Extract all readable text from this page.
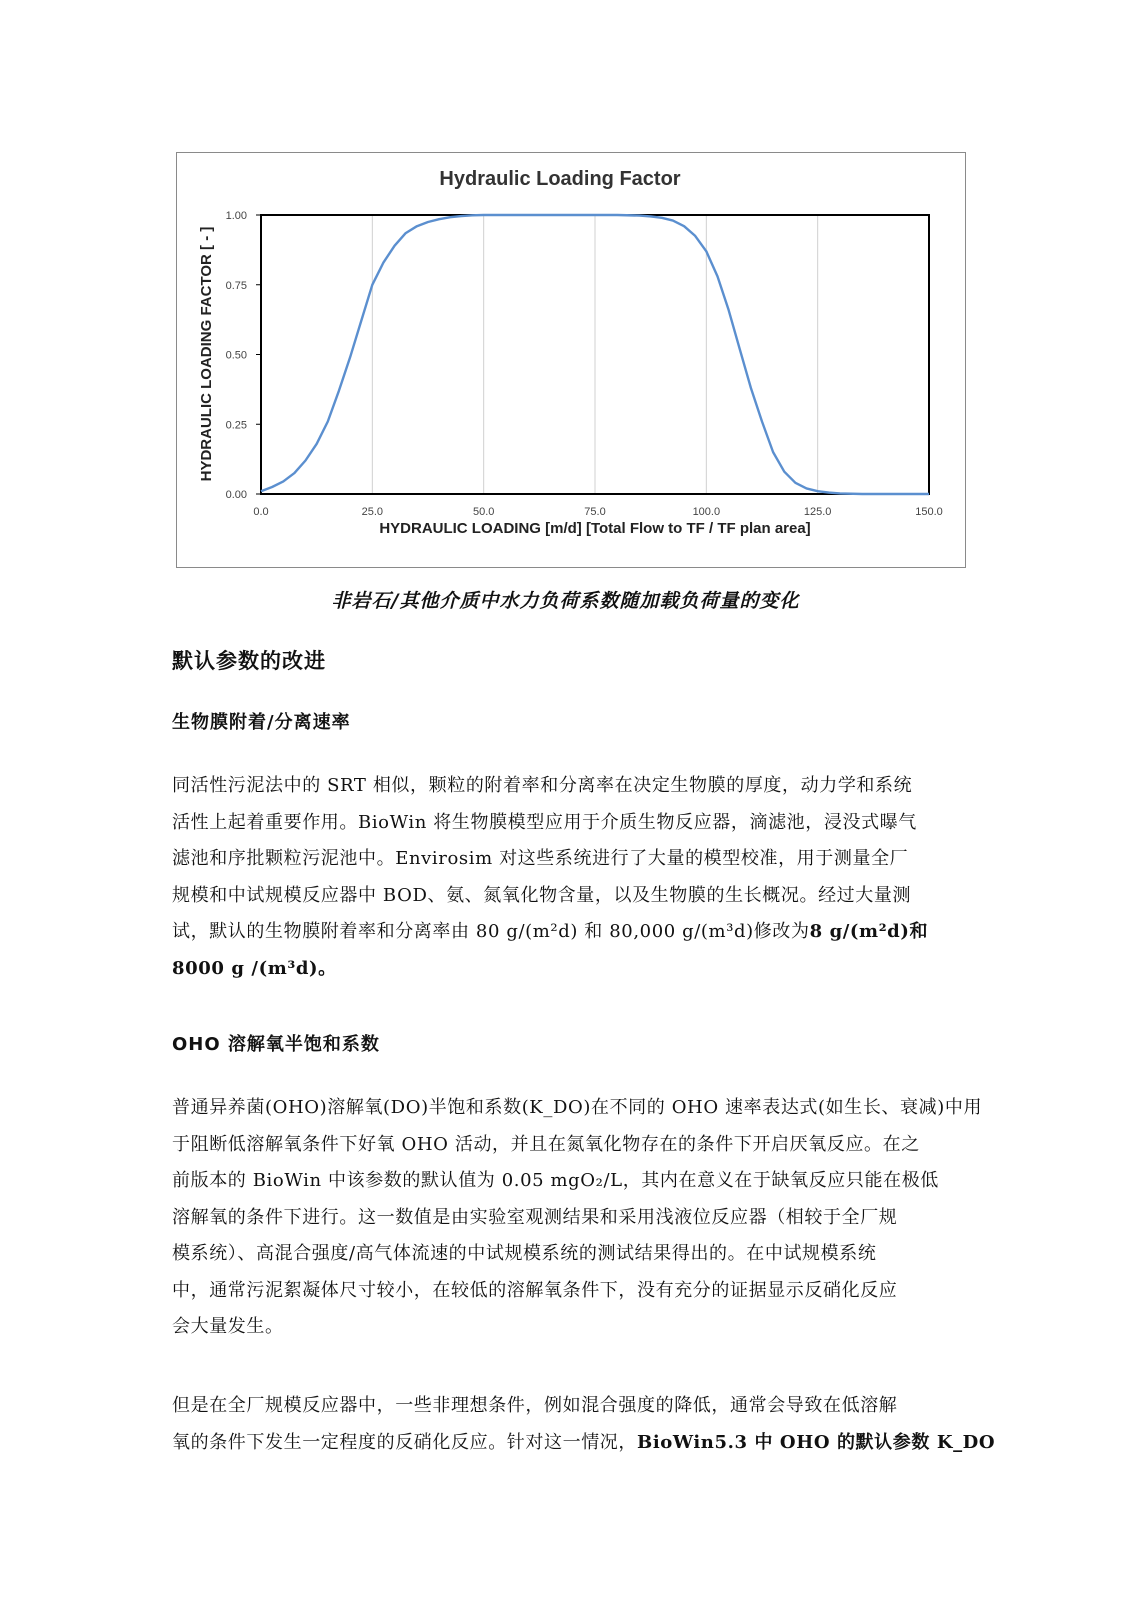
Hydraulic Loading Factor
0.0	25.0	50.0	75.0	100.0	125.0	150.0
0.00
0.25
0.50
0.75
1.00
HYDRAULIC LOADING [m/d] [Total Flow to TF / TF plan area]
HYDRAULIC LOADING FACTOR [ - ]
非岩石/其他介质中水力负荷系数随加载负荷量的变化
默认参数的改进
生物膜附着/分离速率

同活性污泥法中的 SRT 相似，颗粒的附着率和分离率在决定生物膜的厚度，动力学和系统
活性上起着重要作用。BioWin 将生物膜模型应用于介质生物反应器，滴滤池，浸没式曝气
滤池和序批颗粒污泥池中。Envirosim 对这些系统进行了大量的模型校准，用于测量全厂
规模和中试规模反应器中 BOD、氨、氮氧化物含量，以及生物膜的生长概况。经过大量测
试，默认的生物膜附着率和分离率由 80 g/(m²d) 和 80,000 g/(m³d)修改为8 g/(m²d)和
8000 g /(m³d)。

OHO 溶解氧半饱和系数

普通异养菌(OHO)溶解氧(DO)半饱和系数(K_DO)在不同的 OHO 速率表达式(如生长、衰减)中用
于阻断低溶解氧条件下好氧 OHO 活动，并且在氮氧化物存在的条件下开启厌氧反应。在之
前版本的 BioWin 中该参数的默认值为 0.05 mgO₂/L，其内在意义在于缺氧反应只能在极低
溶解氧的条件下进行。这一数值是由实验室观测结果和采用浅液位反应器（相较于全厂规
模系统）、高混合强度/高气体流速的中试规模系统的测试结果得出的。在中试规模系统
中，通常污泥絮凝体尺寸较小，在较低的溶解氧条件下，没有充分的证据显示反硝化反应
会大量发生。

但是在全厂规模反应器中，一些非理想条件，例如混合强度的降低，通常会导致在低溶解
氧的条件下发生一定程度的反硝化反应。针对这一情况，BioWin5.3 中 OHO 的默认参数 K_DO
